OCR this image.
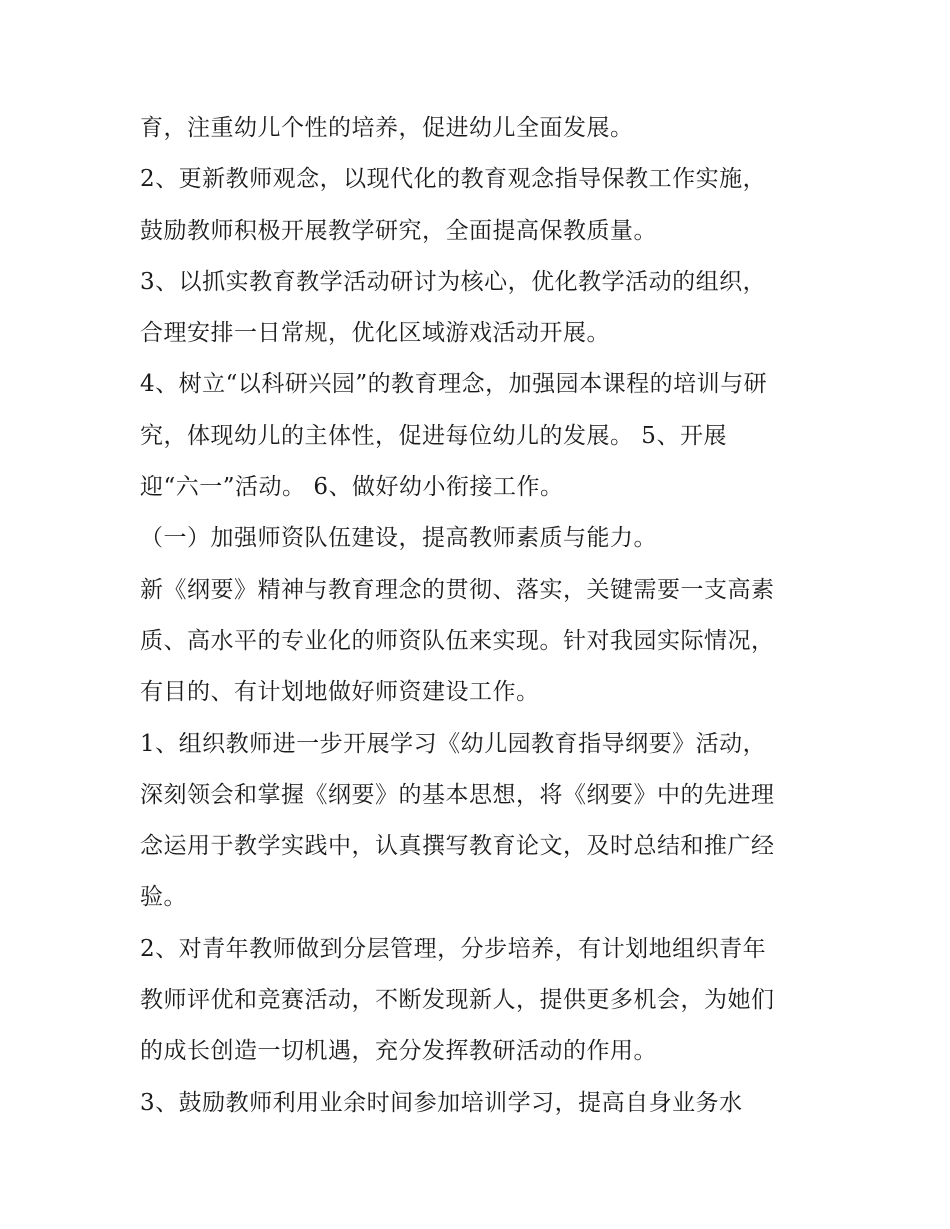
育，注重幼儿个性的培养，促进幼儿全面发展。

2、更新教师观念，以现代化的教育观念指导保教工作实施，

鼓励教师积极开展教学研究，全面提高保教质量。

3、以抓实教育教学活动研讨为核心，优化教学活动的组织，

合理安排一日常规，优化区域游戏活动开展。

4、树立“以科研兴园”的教育理念，加强园本课程的培训与研

究，体现幼儿的主体性，促进每位幼儿的发展。 5、开展

迎“六一”活动。 6、做好幼小衔接工作。

（一）加强师资队伍建设，提高教师素质与能力。

新《纲要》精神与教育理念的贯彻、落实，关键需要一支高素

质、高水平的专业化的师资队伍来实现。针对我园实际情况，

有目的、有计划地做好师资建设工作。

1、组织教师进一步开展学习《幼儿园教育指导纲要》活动，

深刻领会和掌握《纲要》的基本思想，将《纲要》中的先进理

念运用于教学实践中，认真撰写教育论文，及时总结和推广经

验。

2、对青年教师做到分层管理，分步培养，有计划地组织青年

教师评优和竞赛活动，不断发现新人，提供更多机会，为她们

的成长创造一切机遇，充分发挥教研活动的作用。

3、鼓励教师利用业余时间参加培训学习，提高自身业务水
